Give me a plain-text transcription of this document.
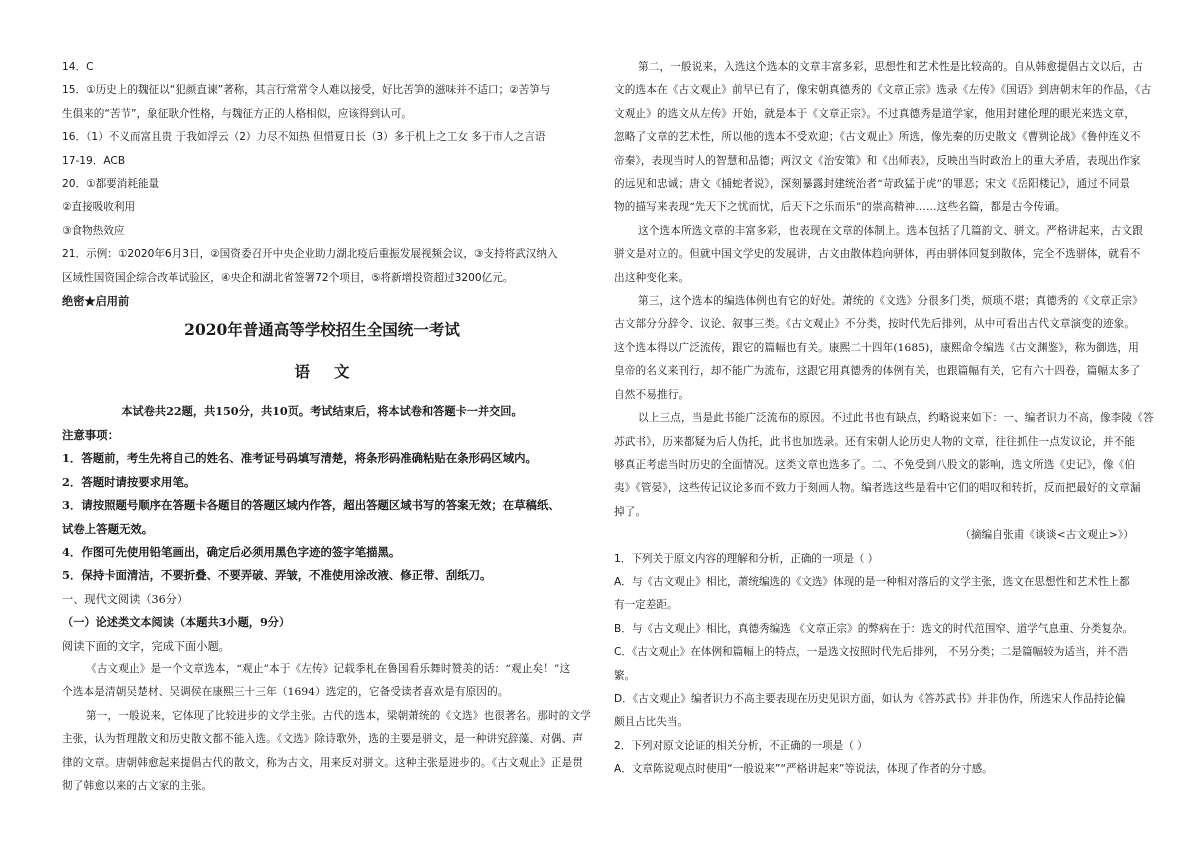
14．C

15．①历史上的魏征以“犯颜直谏”著称，其言行常常令人难以接受，好比苦笋的滋味并不适口；②苦笋与

生俱来的“苦节”，象征耿介性格，与魏征方正的人格相似，应该得到认可。

16．（1）不义而富且贵 于我如浮云（2）力尽不知热 但惜夏日长（3）多于机上之工女 多于市人之言语

17-19．ACB

20．①都要消耗能量

②直接吸收利用

③食物热效应

21．示例：①2020年6月3日，②国资委召开中央企业助力湖北疫后重振发展视频会议，③支持将武汉纳入

区域性国资国企综合改革试验区，④央企和湖北省签署72个项目，⑤将新增投资超过3200亿元。

绝密★启用前

2020年普通高等学校招生全国统一考试

语文

本试卷共22题，共150分，共10页。考试结束后，将本试卷和答题卡一并交回。

注意事项：

1．答题前，考生先将自己的姓名、准考证号码填写清楚，将条形码准确粘贴在条形码区域内。

2．答题时请按要求用笔。

3．请按照题号顺序在答题卡各题目的答题区域内作答，超出答题区域书写的答案无效；在草稿纸、

试卷上答题无效。

4．作图可先使用铅笔画出，确定后必须用黑色字迹的签字笔描黑。

5．保持卡面清洁，不要折叠、不要弄破、弄皱，不准使用涂改液、修正带、刮纸刀。

一、现代文阅读（36分）

（一）论述类文本阅读（本题共3小题，9分）

阅读下面的文字，完成下面小题。

《古文观止》是一个文章选本，“观止”本于《左传》记载季札在鲁国看乐舞时赞美的话：“观止矣！”这

个选本是清朝吴楚材、吴调侯在康熙三十三年（1694）选定的，它备受读者喜欢是有原因的。

第一，一般说来，它体现了比较进步的文学主张。古代的选本，梁朝萧统的《文选》也很著名。那时的文学

主张，认为哲理散文和历史散文都不能入选。《文选》除诗歌外，选的主要是骈文，是一种讲究辞藻、对偶、声

律的文章。唐朝韩愈起来提倡古代的散文，称为古文，用来反对骈文。这种主张是进步的。《古文观止》正是贯

彻了韩愈以来的古文家的主张。

第二，一般说来，入选这个选本的文章丰富多彩，思想性和艺术性是比较高的。自从韩愈提倡古文以后，古

文的选本在《古文观止》前早已有了，像宋朝真德秀的《文章正宗》选录《左传》《国语》到唐朝末年的作品，《古

文观止》的选文从左传》开始，就是本于《文章正宗》。不过真德秀是道学家，他用封建伦理的眼光来选文章，

忽略了文章的艺术性，所以他的选本不受欢迎；《古文观止》所选，像先秦的历史散文《曹刿论战》《鲁仲连义不

帝秦》，表现当时人的智慧和品德；两汉文《治安策》和《出师表》，反映出当时政治上的重大矛盾，表现出作家

的远见和忠诚；唐文《捕蛇者说》，深刻暴露封建统治者“苛政猛于虎”的罪恶；宋文《岳阳楼记》，通过不同景

物的描写来表现“先天下之忧而忧，后天下之乐而乐”的崇高精神……这些名篇，都是古今传诵。

这个选本所选文章的丰富多彩，也表现在文章的体制上。选本包括了几篇韵文、骈文。严格讲起来，古文跟

骈文是对立的。但就中国文学史的发展讲，古文由散体趋向骈体，再由骈体回复到散体，完全不选骈体，就看不

出这种变化来。

第三，这个选本的编选体例也有它的好处。萧统的《文选》分很多门类，烦琐不堪；真德秀的《文章正宗》

古文部分分辞令、议论、叙事三类。《古文观止》不分类，按时代先后排列，从中可看出古代文章演变的迹象。

这个选本得以广泛流传，跟它的篇幅也有关。康熙二十四年(1685)，康熙命令编选《古文渊鉴》，称为御选，用

皇帝的名义来刊行，却不能广为流布，这跟它用真德秀的体例有关，也跟篇幅有关，它有六十四卷，篇幅太多了

自然不易推行。

以上三点，当是此书能广泛流布的原因。不过此书也有缺点，约略说来如下：一、编者识力不高，像李陵《答

苏武书》，历来都疑为后人伪托，此书也加选录。还有宋朝人论历史人物的文章，往往抓住一点发议论，并不能

够真正考虑当时历史的全面情况。这类文章也选多了。二、不免受到八股文的影响，选文所选《史记》，像《伯

夷》《管晏》，这些传记议论多而不致力于刻画人物。编者选这些是看中它们的唱叹和转折，反而把最好的文章漏

掉了。

（摘编自张甫《谈谈<古文观止>》）

1．下列关于原文内容的理解和分析，正确的一项是（ ）

A．与《古文观止》相比，萧统编选的《文选》体现的是一种相对落后的文学主张，选文在思想性和艺术性上都

有一定差距。

B．与《古文观止》相比，真德秀编选 《文章正宗》的弊病在于：选文的时代范围窄、道学气息重、分类复杂。

C．《古文观止》在体例和篇幅上的特点，一是选文按照时代先后排列， 不另分类；二是篇幅较为适当，并不浩

繁。

D．《古文观止》编者识力不高主要表现在历史见识方面，如认为《答苏武书》并非伪作，所选宋人作品持论偏

颇且占比失当。

2．下列对原文论证的相关分析，不正确的一项是（ ）

A．文章陈说观点时使用“一般说来”“严格讲起来”等说法，体现了作者的分寸感。
